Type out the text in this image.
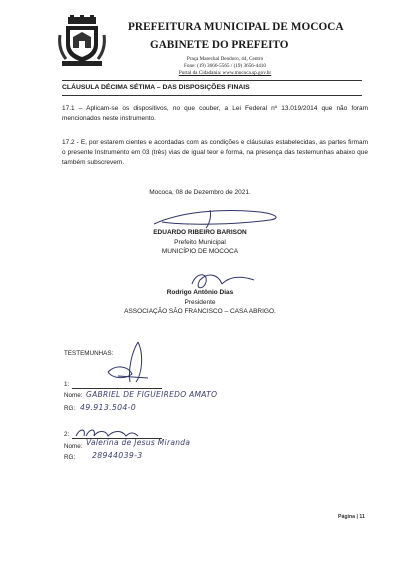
PREFEITURA MUNICIPAL DE MOCOCA
GABINETE DO PREFEITO
Praça Marechal Deodoro, 44, Centro
Fone: (19) 3666-5565 / (19) 3656-4410
Portal da Cidadania: www.mococa.sp.gov.br
CLÁUSULA DÉCIMA SÉTIMA – DAS DISPOSIÇÕES FINAIS
17.1 – Aplicam-se os dispositivos, no que couber, a Lei Federal nº 13.019/2014 que não foram mencionados neste instrumento.
17.2 - E, por estarem cientes e acordadas com as condições e cláusulas estabelecidas, as partes firmam o presente Instrumento em 03 (três) vias de igual teor e forma, na presença das testemunhas abaixo que também subscrevem.
Mococa, 08 de Dezembro de 2021.
EDUARDO RIBEIRO BARISON
Prefeito Municipal
MUNICÍPIO DE MOCOCA
Rodrigo Antônio Dias
Presidente
ASSOCIAÇÃO SÃO FRANCISCO – CASA ABRIGO.
TESTEMUNHAS:
1:
Nome: GABRIEL DE FIGUEIREDO AMATO
RG: 49.913.504-0
2:
Nome: Valerina de Jesus Miranda
RG: 28944039-3
Página | 11
